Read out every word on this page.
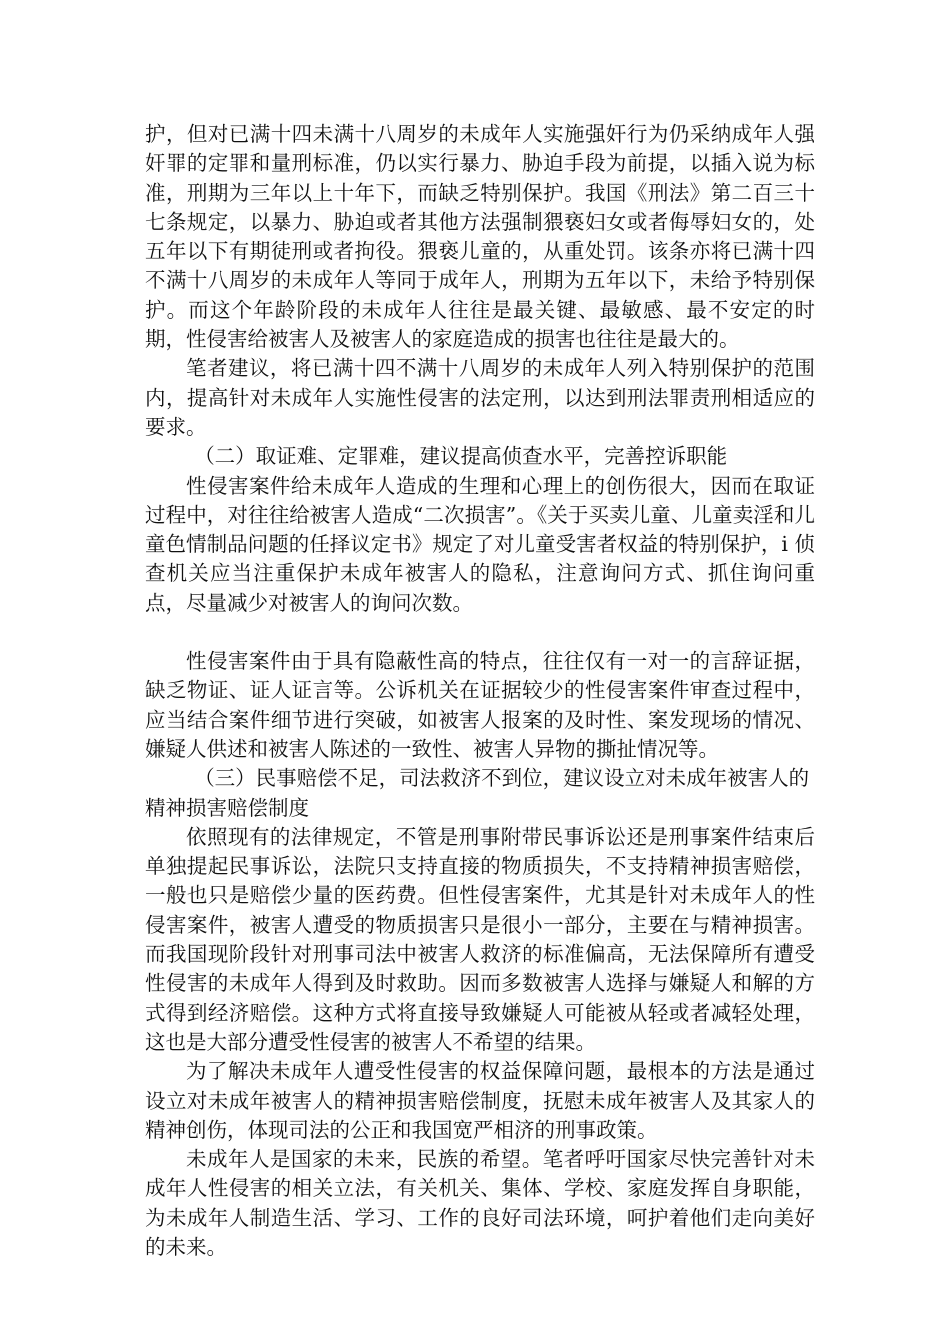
护，但对已满十四未满十八周岁的未成年人实施强奸行为仍采纳成年人强奸罪的定罪和量刑标准，仍以实行暴力、胁迫手段为前提，以插入说为标准，刑期为三年以上十年下，而缺乏特别保护。我国《刑法》第二百三十七条规定，以暴力、胁迫或者其他方法强制猥亵妇女或者侮辱妇女的，处五年以下有期徒刑或者拘役。猥亵儿童的，从重处罚。该条亦将已满十四不满十八周岁的未成年人等同于成年人，刑期为五年以下，未给予特别保护。而这个年龄阶段的未成年人往往是最关键、最敏感、最不安定的时期，性侵害给被害人及被害人的家庭造成的损害也往往是最大的。

笔者建议，将已满十四不满十八周岁的未成年人列入特别保护的范围内，提高针对未成年人实施性侵害的法定刑，以达到刑法罪责刑相适应的要求。

（二）取证难、定罪难，建议提高侦查水平，完善控诉职能

性侵害案件给未成年人造成的生理和心理上的创伤很大，因而在取证过程中，对往往给被害人造成“二次损害”。《关于买卖儿童、儿童卖淫和儿童色情制品问题的任择议定书》规定了对儿童受害者权益的特别保护，i 侦查机关应当注重保护未成年被害人的隐私，注意询问方式、抓住询问重点，尽量减少对被害人的询问次数。

性侵害案件由于具有隐蔽性高的特点，往往仅有一对一的言辞证据，缺乏物证、证人证言等。公诉机关在证据较少的性侵害案件审查过程中，应当结合案件细节进行突破，如被害人报案的及时性、案发现场的情况、嫌疑人供述和被害人陈述的一致性、被害人异物的撕扯情况等。

（三）民事赔偿不足，司法救济不到位，建议设立对未成年被害人的精神损害赔偿制度

依照现有的法律规定，不管是刑事附带民事诉讼还是刑事案件结束后单独提起民事诉讼，法院只支持直接的物质损失，不支持精神损害赔偿，一般也只是赔偿少量的医药费。但性侵害案件，尤其是针对未成年人的性侵害案件，被害人遭受的物质损害只是很小一部分，主要在与精神损害。而我国现阶段针对刑事司法中被害人救济的标准偏高，无法保障所有遭受性侵害的未成年人得到及时救助。因而多数被害人选择与嫌疑人和解的方式得到经济赔偿。这种方式将直接导致嫌疑人可能被从轻或者减轻处理，这也是大部分遭受性侵害的被害人不希望的结果。

为了解决未成年人遭受性侵害的权益保障问题，最根本的方法是通过设立对未成年被害人的精神损害赔偿制度，抚慰未成年被害人及其家人的精神创伤，体现司法的公正和我国宽严相济的刑事政策。

未成年人是国家的未来，民族的希望。笔者呼吁国家尽快完善针对未成年人性侵害的相关立法，有关机关、集体、学校、家庭发挥自身职能，为未成年人制造生活、学习、工作的良好司法环境，呵护着他们走向美好的未来。
